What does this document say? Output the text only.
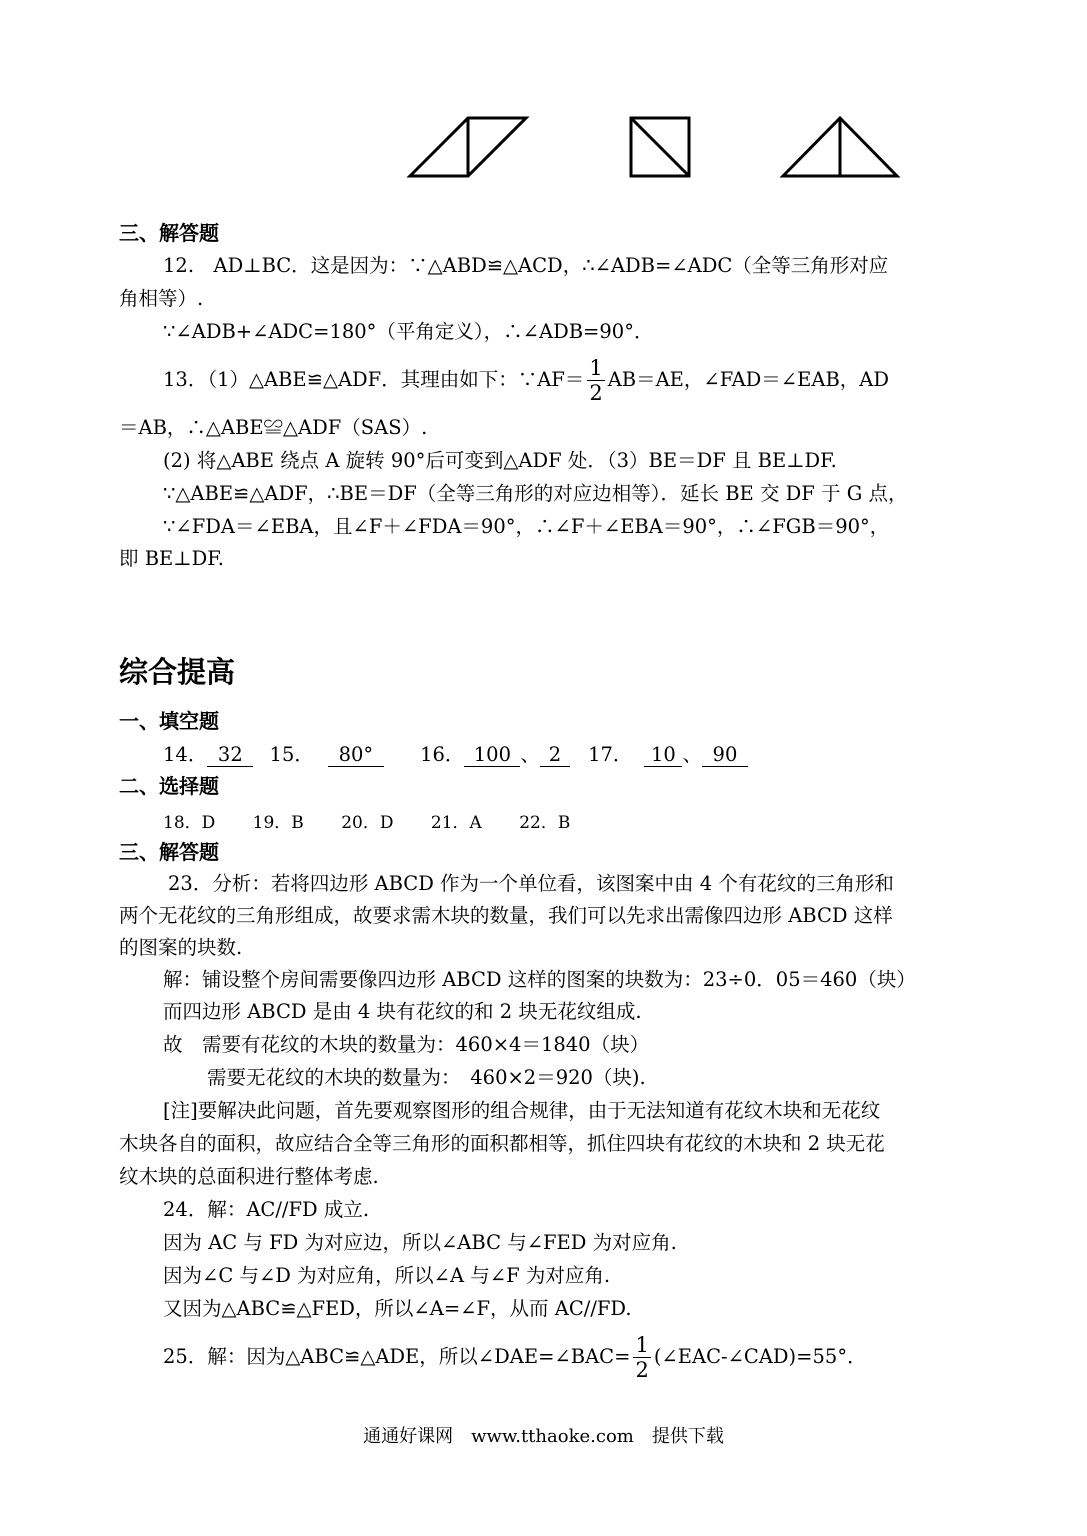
三、解答题
12.　AD⊥BC．这是因为：∵△ABD≌△ACD，∴∠ADB=∠ADC（全等三角形对应
角相等）.
∵∠ADB+∠ADC=180°（平角定义），∴∠ADB=90°．
13．（1）△ABE≌△ADF．其理由如下：∵AF＝ $\frac{1}{2} AB=AE$，∠FAD＝∠EAB，AD
＝AB，∴△ABE≌△ADF（SAS）.
(2) 将△ABE 绕点 A 旋转 90°后可变到△ADF 处．（3）BE＝DF 且 BE⊥DF.
∵△ABE≌△ADF，∴BE＝DF（全等三角形的对应边相等）．延长 BE 交 DF 于 G 点，
∵∠FDA＝∠EBA，且∠F＋∠FDA＝90°，∴∠F＋∠EBA＝90°，∴∠FGB＝90°，
即 BE⊥DF.
综合提高
一、填空题
14． 32 15． 80° 16． 100 、 2 17． 10 、 90
二、选择题
18．D 19．B 20．D 21．A 22．B
三、解答题
23．分析：若将四边形 ABCD 作为一个单位看，该图案中由 4 个有花纹的三角形和
两个无花纹的三角形组成，故要求需木块的数量，我们可以先求出需像四边形 ABCD 这样
的图案的块数.
解：铺设整个房间需要像四边形 ABCD 这样的图案的块数为：23÷0．05＝460（块）
而四边形 ABCD 是由 4 块有花纹的和 2 块无花纹组成.
故　需要有花纹的木块的数量为：460×4＝1840（块）
需要无花纹的木块的数量为：　460×2＝920（块).
[注]要解决此问题，首先要观察图形的组合规律，由于无法知道有花纹木块和无花纹
木块各自的面积，故应结合全等三角形的面积都相等，抓住四块有花纹的木块和 2 块无花
纹木块的总面积进行整体考虑.
24．解：AC//FD 成立.
因为 AC 与 FD 为对应边，所以∠ABC 与∠FED 为对应角.
因为∠C 与∠D 为对应角，所以∠A 与∠F 为对应角.
又因为△ABC≌△FED，所以∠A=∠F，从而 AC//FD.
25．解：因为△ABC≌△ADE，所以∠DAE=∠BAC= $\frac{1}{2}$ (∠EAC-∠CAD)=55°．
通通好课网　www.tthaoke.com　提供下载
